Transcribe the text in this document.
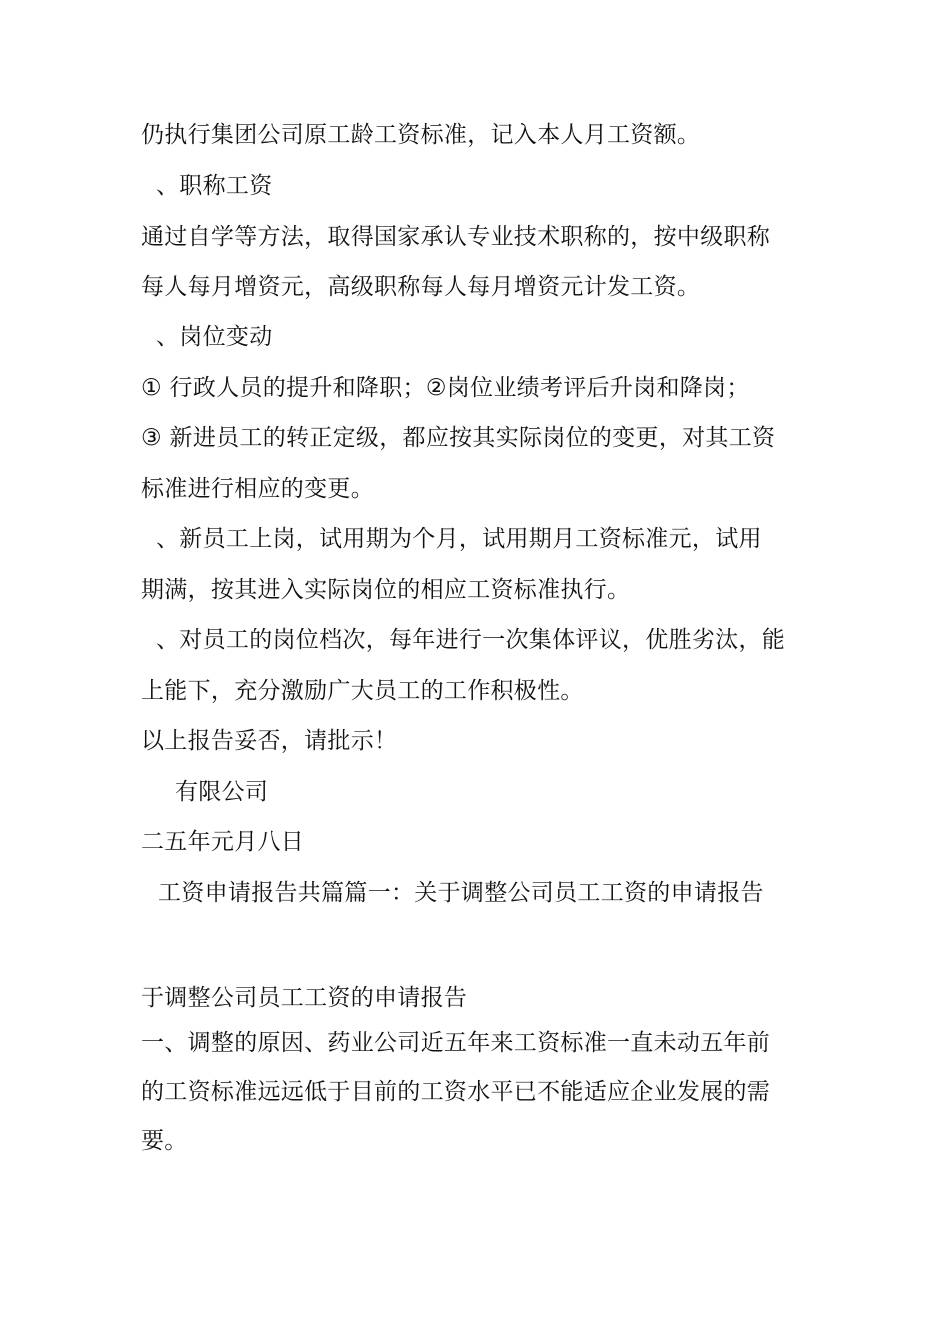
仍执行集团公司原工龄工资标准，记入本人月工资额。
、职称工资
通过自学等方法，取得国家承认专业技术职称的，按中级职称
每人每月增资元，高级职称每人每月增资元计发工资。
、岗位变动
① 行政人员的提升和降职；②岗位业绩考评后升岗和降岗；
③ 新进员工的转正定级，都应按其实际岗位的变更，对其工资
标准进行相应的变更。
、新员工上岗，试用期为个月，试用期月工资标准元，试用
期满，按其进入实际岗位的相应工资标准执行。
、对员工的岗位档次，每年进行一次集体评议，优胜劣汰，能
上能下，充分激励广大员工的工作积极性。
以上报告妥否，请批示！
有限公司
二五年元月八日
工资申请报告共篇篇一：关于调整公司员工工资的申请报告
于调整公司员工工资的申请报告
一、调整的原因、药业公司近五年来工资标准一直未动五年前
的工资标准远远低于目前的工资水平已不能适应企业发展的需
要。
